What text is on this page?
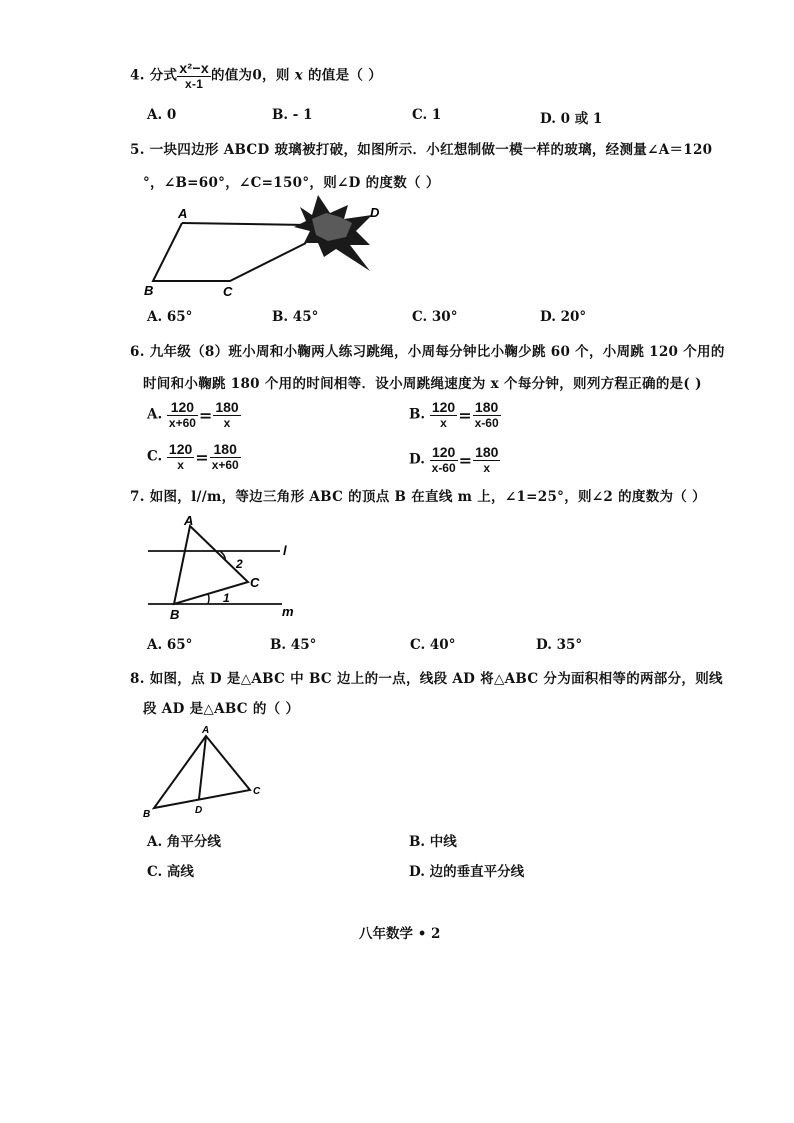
4. 分式 $\frac{\text{x²−x}}{x-1}$ 的值为0，则 x 的值是（ ）
A. 0	B. - 1	C. 1	D. 0 或 1
5. 一块四边形 ABCD 玻璃被打破，如图所示．小红想制做一模一样的玻璃，经测量∠A＝120
°，∠B=60°，∠C=150°，则∠D 的度数（ ）
A
B	C
D
A. 65°	B. 45°	C. 30°	D. 20°
6. 九年级（8）班小周和小鞠两人练习跳绳，小周每分钟比小鞠少跳 60 个，小周跳 120 个用的
时间和小鞠跳 180 个用的时间相等．设小周跳绳速度为 x 个每分钟，则列方程正确的是( )
A. $\frac{120}{x+60} = \frac{180}{x}$	B. $\frac{120}{x} = \frac{180}{x-60}$
C. $\frac{120}{x} = \frac{180}{x+60}$	D. $\frac{120}{x-60} = \frac{180}{x}$
7. 如图，l//m，等边三角形 ABC 的顶点 B 在直线 m 上，∠1=25°，则∠2 的度数为（ ）
A
B
C
l
m
1
2
A. 65°	B. 45°	C. 40°	D. 35°
8. 如图，点 D 是△ABC 中 BC 边上的一点，线段 AD 将△ABC 分为面积相等的两部分，则线
段 AD 是△ABC 的（ ）
A
B
C
D
A. 角平分线	B. 中线
C. 高线	D. 边的垂直平分线
八年数学 • 2
